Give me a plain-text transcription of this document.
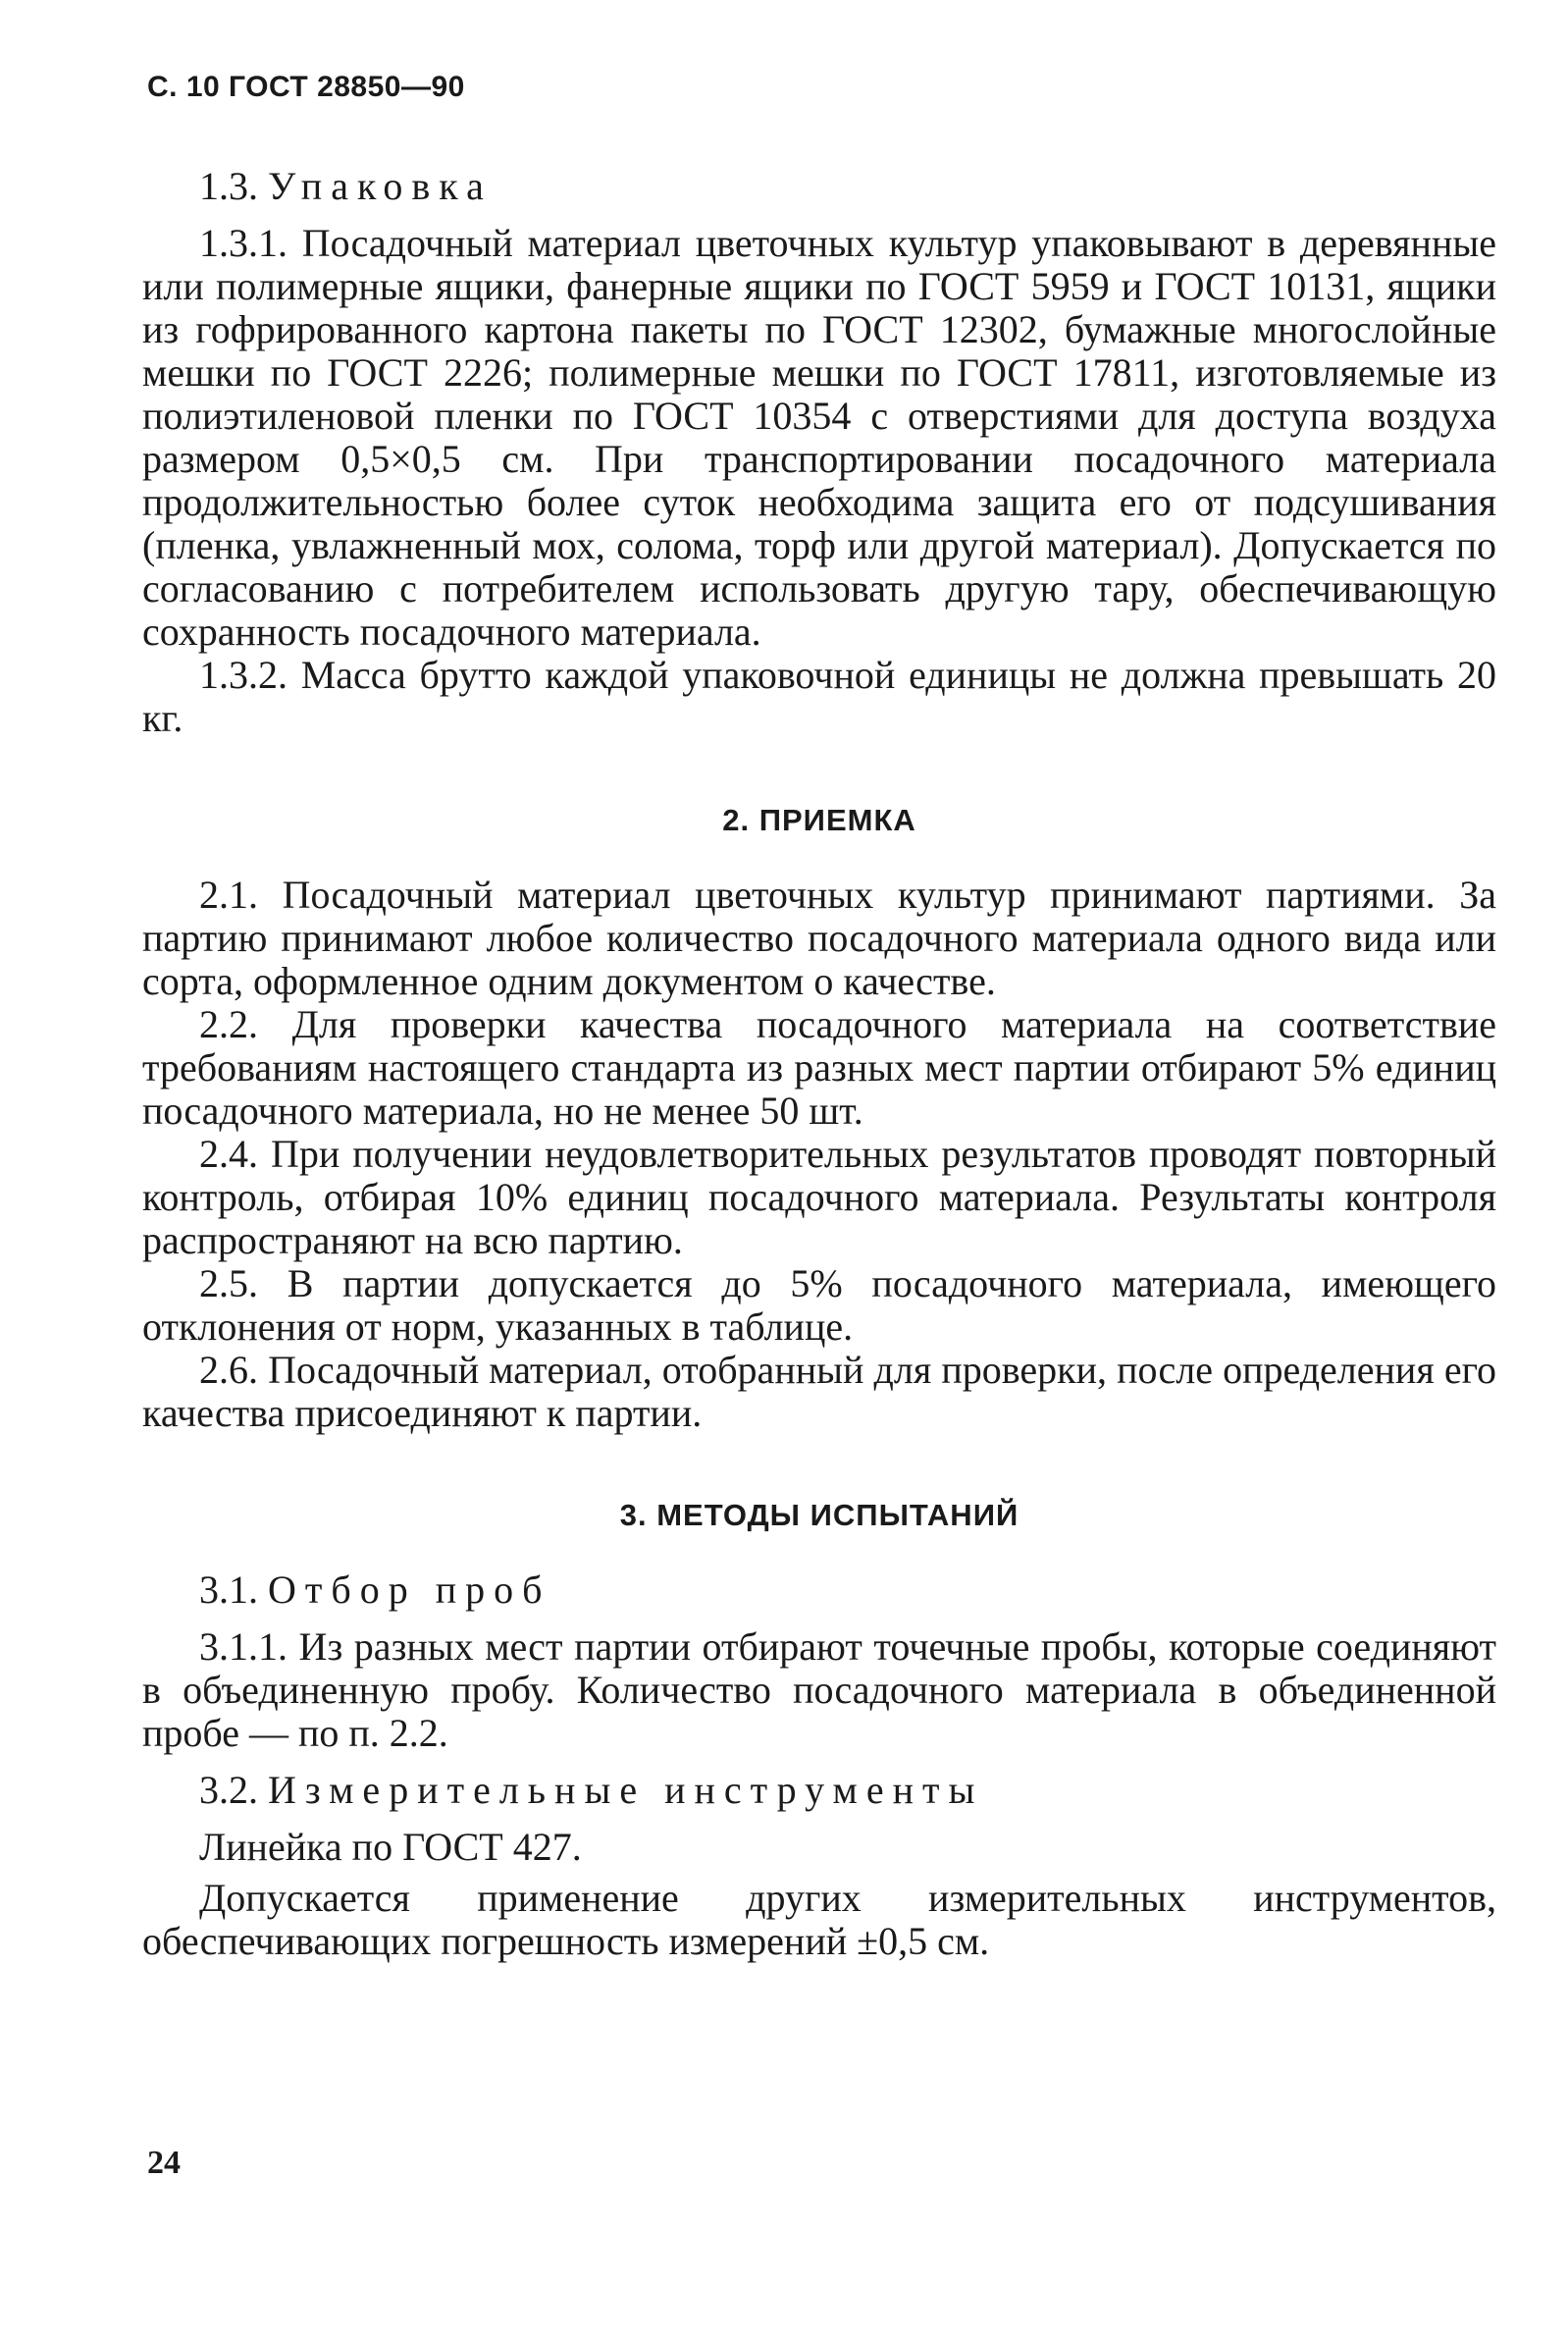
С. 10 ГОСТ 28850—90
1.3. Упаковка

1.3.1. Посадочный материал цветочных культур упаковывают в деревянные или полимерные ящики, фанерные ящики по ГОСТ 5959 и ГОСТ 10131, ящики из гофрированного картона пакеты по ГОСТ 12302, бумажные многослойные мешки по ГОСТ 2226; полимерные мешки по ГОСТ 17811, изготовляемые из полиэтиленовой пленки по ГОСТ 10354 с отверстиями для доступа воздуха размером 0,5×0,5 см. При транспортировании посадочного материала продолжительностью более суток необходима защита его от подсушивания (пленка, увлажненный мох, солома, торф или другой материал). Допускается по согласованию с потребителем использовать другую тару, обеспечивающую сохранность посадочного материала.

1.3.2. Масса брутто каждой упаковочной единицы не должна превышать 20 кг.

2. ПРИЕМКА

2.1. Посадочный материал цветочных культур принимают партиями. За партию принимают любое количество посадочного материала одного вида или сорта, оформленное одним документом о качестве.

2.2. Для проверки качества посадочного материала на соответствие требованиям настоящего стандарта из разных мест партии отбирают 5% единиц посадочного материала, но не менее 50 шт.

2.4. При получении неудовлетворительных результатов проводят повторный контроль, отбирая 10% единиц посадочного материала. Результаты контроля распространяют на всю партию.

2.5. В партии допускается до 5% посадочного материала, имеющего отклонения от норм, указанных в таблице.

2.6. Посадочный материал, отобранный для проверки, после определения его качества присоединяют к партии.

3. МЕТОДЫ ИСПЫТАНИЙ
3.1. Отбор проб

3.1.1. Из разных мест партии отбирают точечные пробы, которые соединяют в объединенную пробу. Количество посадочного материала в объединенной пробе — по п. 2.2.

3.2. Измерительные инструменты

Линейка по ГОСТ 427.

Допускается применение других измерительных инструментов, обеспечивающих погрешность измерений ±0,5 см.

24
